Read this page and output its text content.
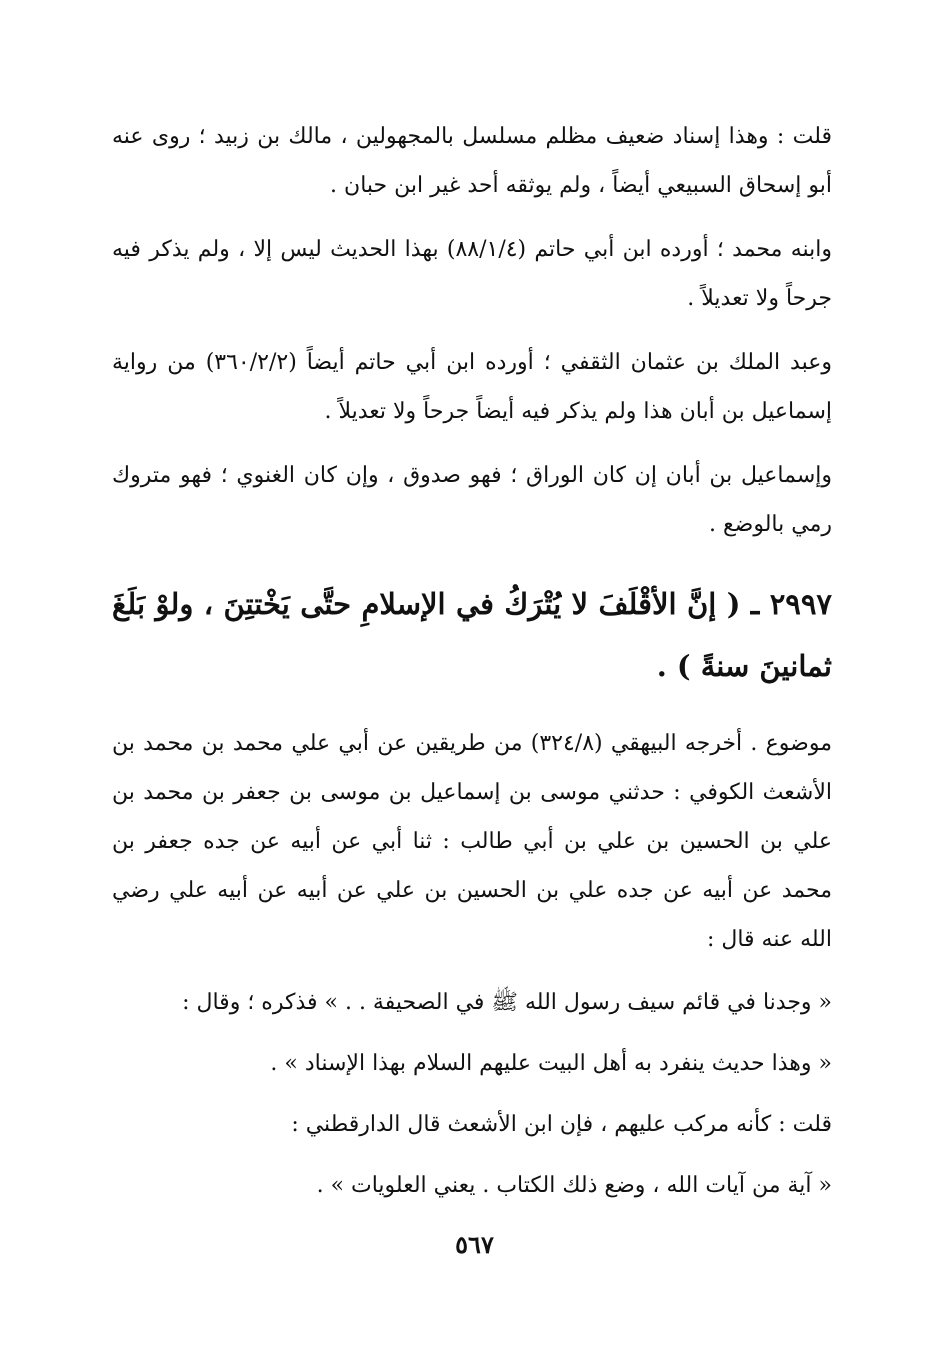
قلت : وهذا إسناد ضعيف مظلم مسلسل بالمجهولين ، مالك بن زبيد ؛ روى عنه أبو إسحاق السبيعي أيضاً ، ولم يوثقه أحد غير ابن حبان .

وابنه محمد ؛ أورده ابن أبي حاتم (٨٨/١/٤) بهذا الحديث ليس إلا ، ولم يذكر فيه جرحاً ولا تعديلاً .

وعبد الملك بن عثمان الثقفي ؛ أورده ابن أبي حاتم أيضاً (٣٦٠/٢/٢) من رواية إسماعيل بن أبان هذا ولم يذكر فيه أيضاً جرحاً ولا تعديلاً .

وإسماعيل بن أبان إن كان الوراق ؛ فهو صدوق ، وإن كان الغنوي ؛ فهو متروك رمي بالوضع .

٢٩٩٧ ـ ( إنَّ الأقْلَفَ لا يُتْرَكُ في الإسلامِ حتَّى يَخْتتِنَ ، ولوْ بَلَغَ ثمانينَ سنةً ) .

موضوع . أخرجه البيهقي (٣٢٤/٨) من طريقين عن أبي علي محمد بن محمد بن الأشعث الكوفي : حدثني موسى بن إسماعيل بن موسى بن جعفر بن محمد بن علي بن الحسين بن علي بن أبي طالب : ثنا أبي عن أبيه عن جده جعفر بن محمد عن أبيه عن جده علي بن الحسين بن علي عن أبيه عن أبيه علي رضي الله عنه قال :

« وجدنا في قائم سيف رسول الله ﷺ في الصحيفة . . » فذكره ؛ وقال :

« وهذا حديث ينفرد به أهل البيت عليهم السلام بهذا الإسناد » .

قلت : كأنه مركب عليهم ، فإن ابن الأشعث قال الدارقطني :

« آية من آيات الله ، وضع ذلك الكتاب . يعني العلويات » .

٥٦٧
